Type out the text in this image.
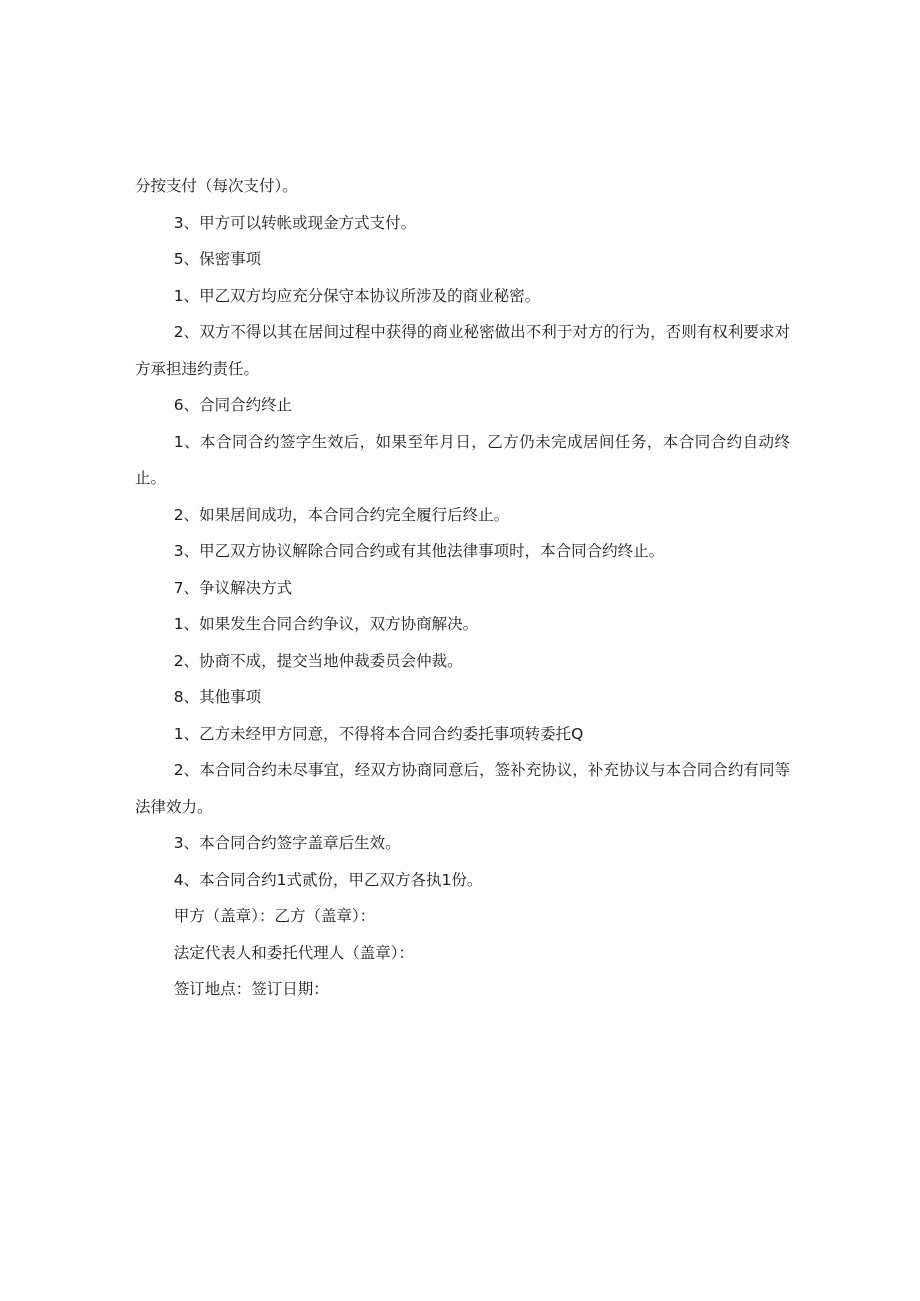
分按支付（每次支付）。

3、甲方可以转帐或现金方式支付。

5、保密事项

1、甲乙双方均应充分保守本协议所涉及的商业秘密。

2、双方不得以其在居间过程中获得的商业秘密做出不利于对方的行为，否则有权利要求对方承担违约责任。

6、合同合约终止

1、本合同合约签字生效后，如果至年月日，乙方仍未完成居间任务，本合同合约自动终止。

2、如果居间成功，本合同合约完全履行后终止。

3、甲乙双方协议解除合同合约或有其他法律事项时，本合同合约终止。

7、争议解决方式

1、如果发生合同合约争议，双方协商解决。

2、协商不成，提交当地仲裁委员会仲裁。

8、其他事项

1、乙方未经甲方同意，不得将本合同合约委托事项转委托Q

2、本合同合约未尽事宜，经双方协商同意后，签补充协议，补充协议与本合同合约有同等法律效力。

3、本合同合约签字盖章后生效。

4、本合同合约1式贰份，甲乙双方各执1份。

甲方（盖章）：乙方（盖章）：

法定代表人和委托代理人（盖章）：

签订地点：签订日期：
